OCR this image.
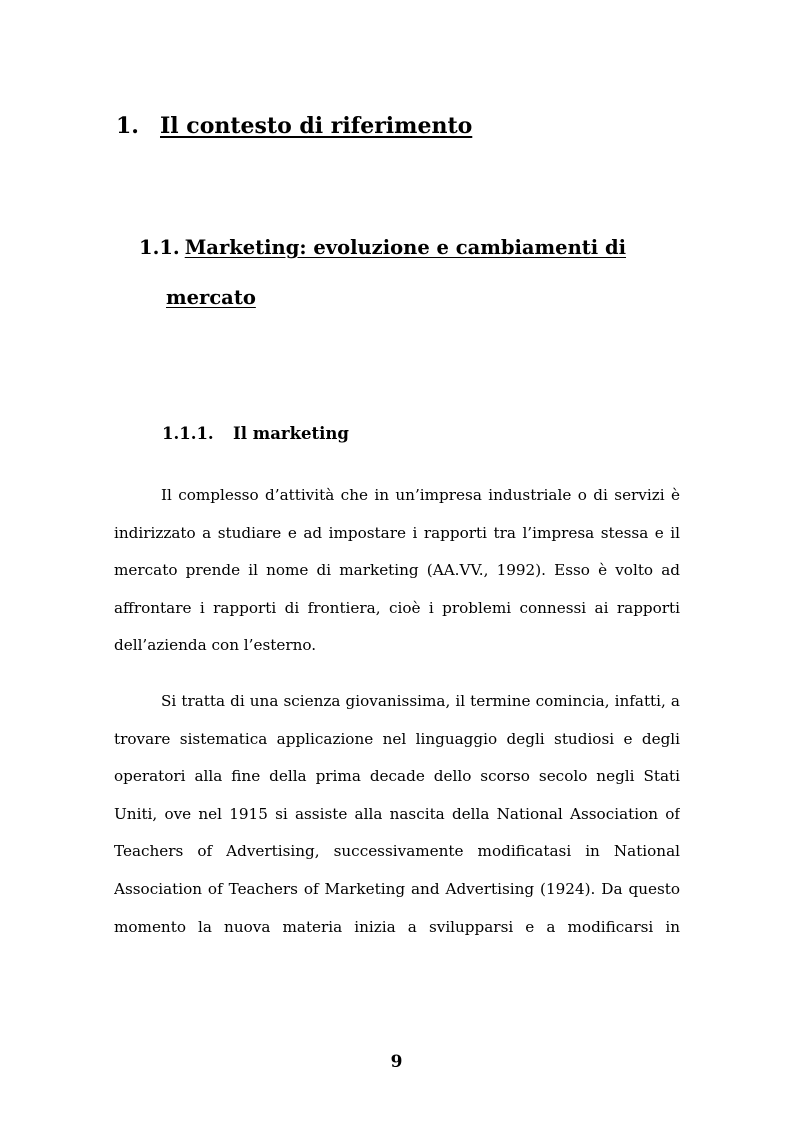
1. Il contesto di riferimento
1.1. Marketing: evoluzione e cambiamenti di
mercato
1.1.1. Il marketing

Il complesso d’attività che in un’impresa industriale o di servizi è indirizzato a studiare e ad impostare i rapporti tra l’impresa stessa e il mercato prende il nome di marketing (AA.VV., 1992). Esso è volto ad affrontare i rapporti di frontiera, cioè i problemi connessi ai rapporti dell’azienda con l’esterno.

Si tratta di una scienza giovanissima, il termine comincia, infatti, a trovare sistematica applicazione nel linguaggio degli studiosi e degli operatori alla fine della prima decade dello scorso secolo negli Stati Uniti, ove nel 1915 si assiste alla nascita della National Association of Teachers of Advertising, successivamente modificatasi in National Association of Teachers of Marketing and Advertising (1924). Da questo momento la nuova materia inizia a svilupparsi e a modificarsi in

9
